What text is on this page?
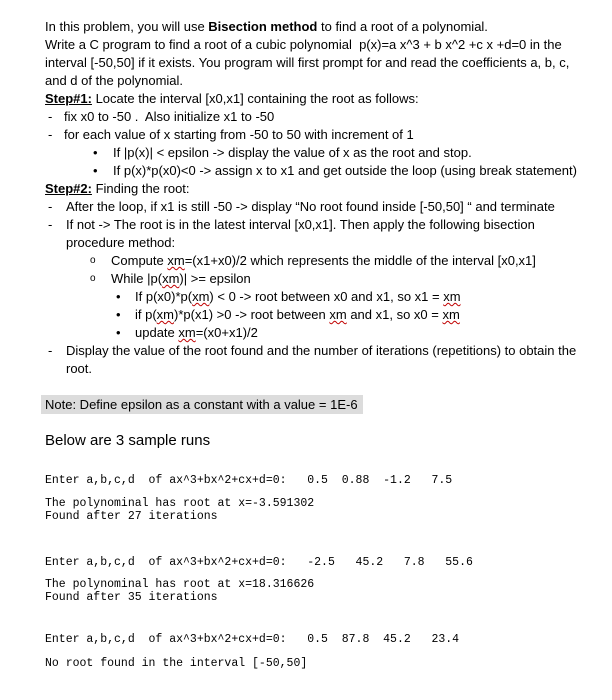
In this problem, you will use Bisection method to find a root of a polynomial.
Write a C program to find a root of a cubic polynomial  p(x)=a x^3 + b x^2 +c x +d=0 in the
interval [-50,50] if it exists. You program will first prompt for and read the coefficients a, b, c,
and d of the polynomial.
Step#1: Locate the interval [x0,x1] containing the root as follows:
- fix x0 to -50 .  Also initialize x1 to -50
- for each value of x starting from -50 to 50 with increment of 1
• If |p(x)| < epsilon -> display the value of x as the root and stop.
• If p(x)*p(x0)<0 -> assign x to x1 and get outside the loop (using break statement)
Step#2: Finding the root:
- After the loop, if x1 is still -50 -> display “No root found inside [-50,50] “ and terminate
- If not -> The root is in the latest interval [x0,x1]. Then apply the following bisection
procedure method:
o Compute xm=(x1+x0)/2 which represents the middle of the interval [x0,x1]
o While |p(xm)| >= epsilon
• If p(x0)*p(xm) < 0 -> root between x0 and x1, so x1 = xm
• if p(xm)*p(x1) >0 -> root between xm and x1, so x0 = xm
• update xm=(x0+x1)/2
- Display the value of the root found and the number of iterations (repetitions) to obtain the
root.
Note: Define epsilon as a constant with a value = 1E-6
Below are 3 sample runs
Enter a,b,c,d  of ax^3+bx^2+cx+d=0:   0.5  0.88  -1.2   7.5
The polynominal has root at x=-3.591302
Found after 27 iterations
Enter a,b,c,d  of ax^3+bx^2+cx+d=0:   -2.5   45.2   7.8   55.6
The polynominal has root at x=18.316626
Found after 35 iterations
Enter a,b,c,d  of ax^3+bx^2+cx+d=0:   0.5  87.8  45.2   23.4
No root found in the interval [-50,50]
